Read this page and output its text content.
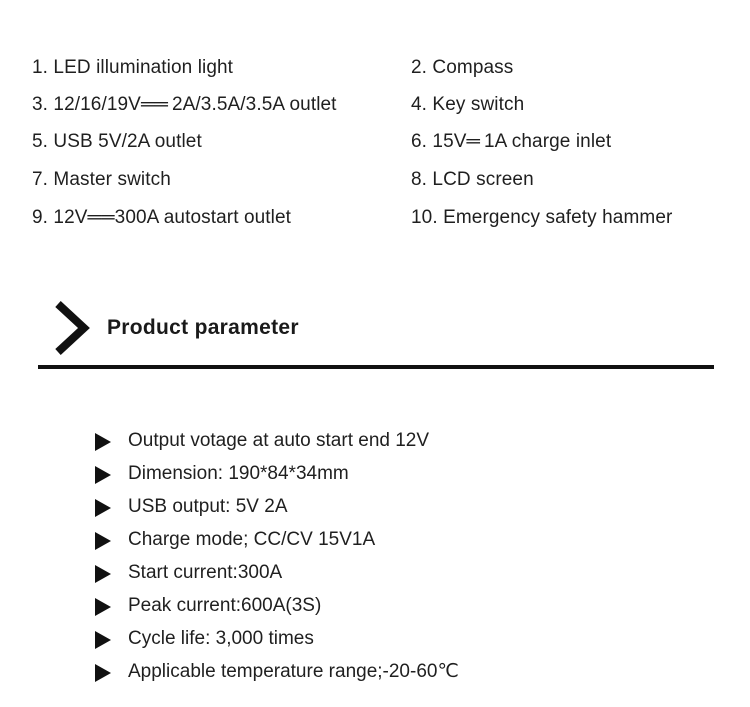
1. LED illumination light	2. Compass
3. 12/16/19V══ 2A/3.5A/3.5A outlet	4. Key switch
5. USB 5V/2A outlet	6. 15V═ 1A charge inlet
7. Master switch	8. LCD screen
9. 12V══300A autostart outlet	10. Emergency safety hammer
Product parameter
Output votage at auto start end 12V
Dimension: 190*84*34mm
USB output: 5V 2A
Charge mode; CC/CV 15V1A
Start current:300A
Peak current:600A(3S)
Cycle life: 3,000 times
Applicable temperature range;-20-60℃
